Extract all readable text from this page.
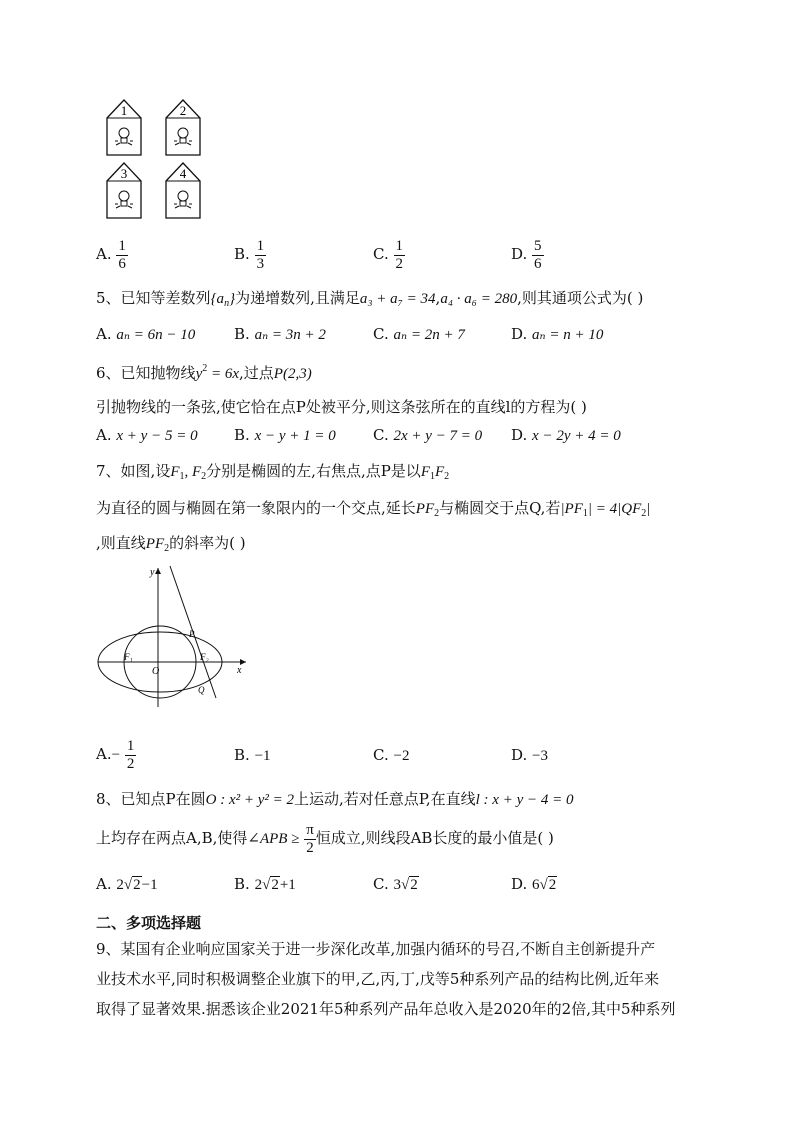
1	2
3	4
A. $\frac{1}{6}$	B. $\frac{1}{3}$	C. $\frac{1}{2}$	D. $\frac{5}{6}$
5、已知等差数列$\{a_n\}$为递增数列,且满足a₃ + a₇ = 34,a₄ · a₆ = 280,则其通项公式为( )
A. aₙ = 6n − 10	B. aₙ = 3n + 2	C. aₙ = 2n + 7	D. aₙ = n + 10
6、已知抛物线$y^2 = 6x$,过点P(2,3)
引抛物线的一条弦,使它恰在点P处被平分,则这条弦所在的直线l的方程为( )
A. x + y − 5 = 0 B. x − y + 1 = 0 C. 2x + y − 7 = 0 D. x − 2y + 4 = 0
7、如图,设$F_1$, $F_2$分别是椭圆的左,右焦点,点P是以$F_1F_2$
为直径的圆与椭圆在第一象限内的一个交点,延长$PF_2$与椭圆交于点Q,若$|PF_1| = 4|QF_2|$
,则直线$PF_2$的斜率为( )
y
x
O
P
Q
F₁	F₂
$A.- \frac{1}{2}$	B. −1	C. −2	D. −3
8、已知点P在圆O : x² + y² = 2上运动,若对任意点P,在直线l : x + y − 4 = 0
上均存在两点A,B,使得∠APB ≥ $\frac{\pi}{2}$ 恒成立,则线段AB长度的最小值是( )
A. 2√2−1	B. 2√2+1	C. 3√2	D. 6√2
二、多项选择题
9、某国有企业响应国家关于进一步深化改革,加强内循环的号召,不断自主创新提升产
业技术水平,同时积极调整企业旗下的甲,乙,丙,丁,戊等5种系列产品的结构比例,近年来
取得了显著效果.据悉该企业2021年5种系列产品年总收入是2020年的2倍,其中5种系列
